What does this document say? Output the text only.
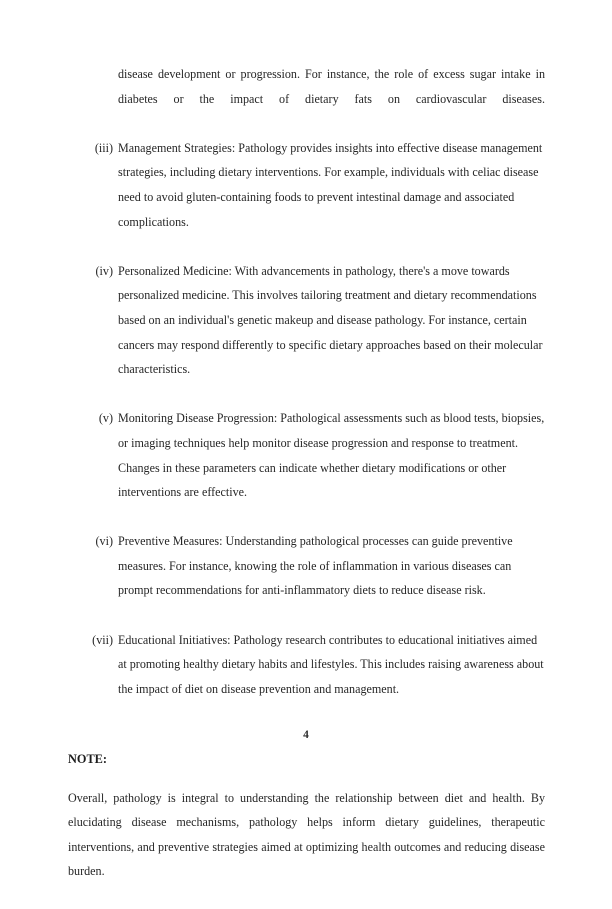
disease development or progression. For instance, the role of excess sugar intake in diabetes or the impact of dietary fats on cardiovascular diseases.

(iii) Management Strategies: Pathology provides insights into effective disease management strategies, including dietary interventions. For example, individuals with celiac disease need to avoid gluten-containing foods to prevent intestinal damage and associated complications.
(iv) Personalized Medicine: With advancements in pathology, there's a move towards personalized medicine. This involves tailoring treatment and dietary recommendations based on an individual's genetic makeup and disease pathology. For instance, certain cancers may respond differently to specific dietary approaches based on their molecular characteristics.
(v) Monitoring Disease Progression: Pathological assessments such as blood tests, biopsies, or imaging techniques help monitor disease progression and response to treatment. Changes in these parameters can indicate whether dietary modifications or other interventions are effective.
(vi) Preventive Measures: Understanding pathological processes can guide preventive measures. For instance, knowing the role of inflammation in various diseases can prompt recommendations for anti-inflammatory diets to reduce disease risk.
(vii) Educational Initiatives: Pathology research contributes to educational initiatives aimed at promoting healthy dietary habits and lifestyles. This includes raising awareness about the impact of diet on disease prevention and management.

NOTE:

Overall, pathology is integral to understanding the relationship between diet and health. By elucidating disease mechanisms, pathology helps inform dietary guidelines, therapeutic interventions, and preventive strategies aimed at optimizing health outcomes and reducing disease burden.

4
